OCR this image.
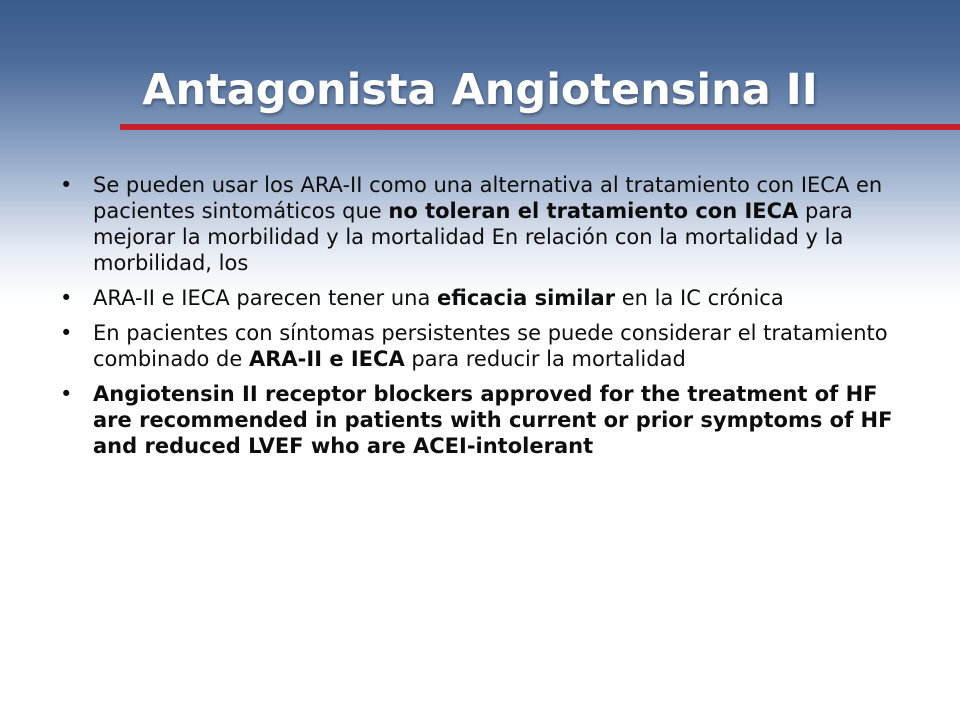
Antagonista Angiotensina II
• Se pueden usar los ARA-II como una alternativa al tratamiento con IECA en pacientes sintomáticos que no toleran el tratamiento con IECA para mejorar la morbilidad y la mortalidad En relación con la mortalidad y la morbilidad, los
• ARA-II e IECA parecen tener una eficacia similar en la IC crónica
• En pacientes con síntomas persistentes se puede considerar el tratamiento combinado de ARA-II e IECA para reducir la mortalidad
• Angiotensin II receptor blockers approved for the treatment of HF are recommended in patients with current or prior symptoms of HF and reduced LVEF who are ACEI-intolerant
